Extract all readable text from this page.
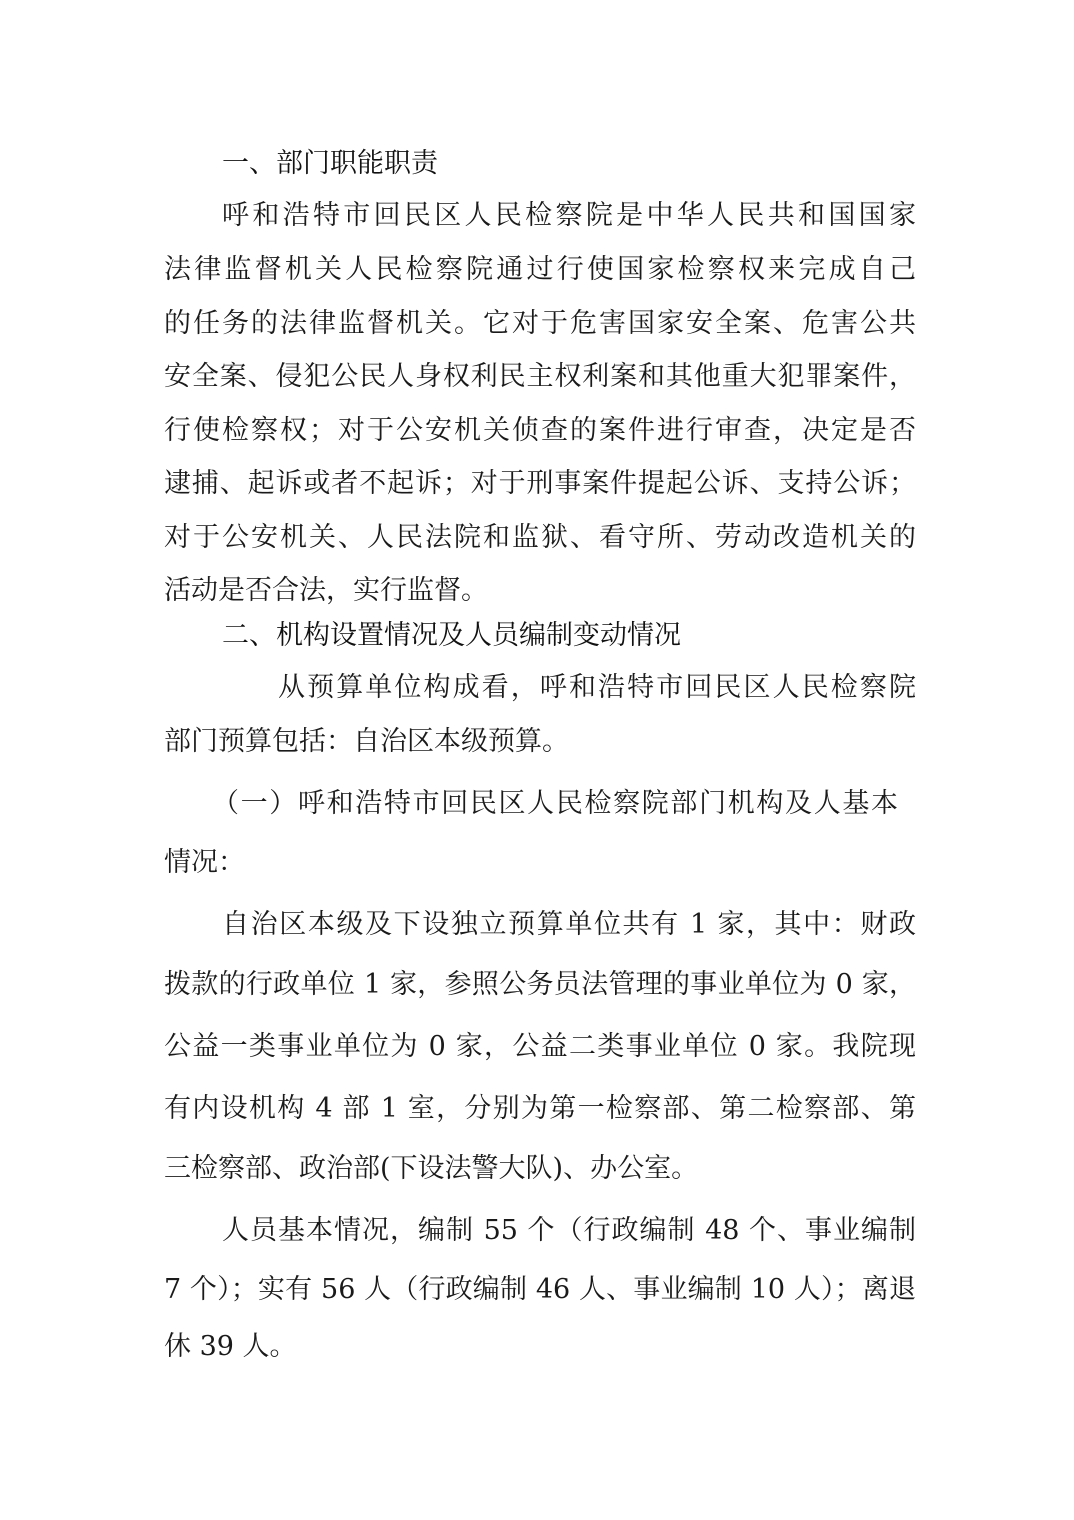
一、部门职能职责
呼和浩特市回民区人民检察院是中华人民共和国国家
法律监督机关人民检察院通过行使国家检察权来完成自己
的任务的法律监督机关。它对于危害国家安全案、危害公共
安全案、侵犯公民人身权利民主权利案和其他重大犯罪案件，
行使检察权；对于公安机关侦查的案件进行审查，决定是否
逮捕、起诉或者不起诉；对于刑事案件提起公诉、支持公诉；
对于公安机关、人民法院和监狱、看守所、劳动改造机关的
活动是否合法，实行监督。
二、机构设置情况及人员编制变动情况
从预算单位构成看，呼和浩特市回民区人民检察院
部门预算包括：自治区本级预算。
（一）呼和浩特市回民区人民检察院部门机构及人基本
情况：
自治区本级及下设独立预算单位共有 1 家，其中：财政
拨款的行政单位 1 家，参照公务员法管理的事业单位为 0 家，
公益一类事业单位为 0 家，公益二类事业单位 0 家。我院现
有内设机构 4 部 1 室，分别为第一检察部、第二检察部、第
三检察部、政治部(下设法警大队)、办公室。
人员基本情况，编制 55 个（行政编制 48 个、事业编制
7 个）；实有 56 人（行政编制 46 人、事业编制 10 人）；离退
休 39 人。
